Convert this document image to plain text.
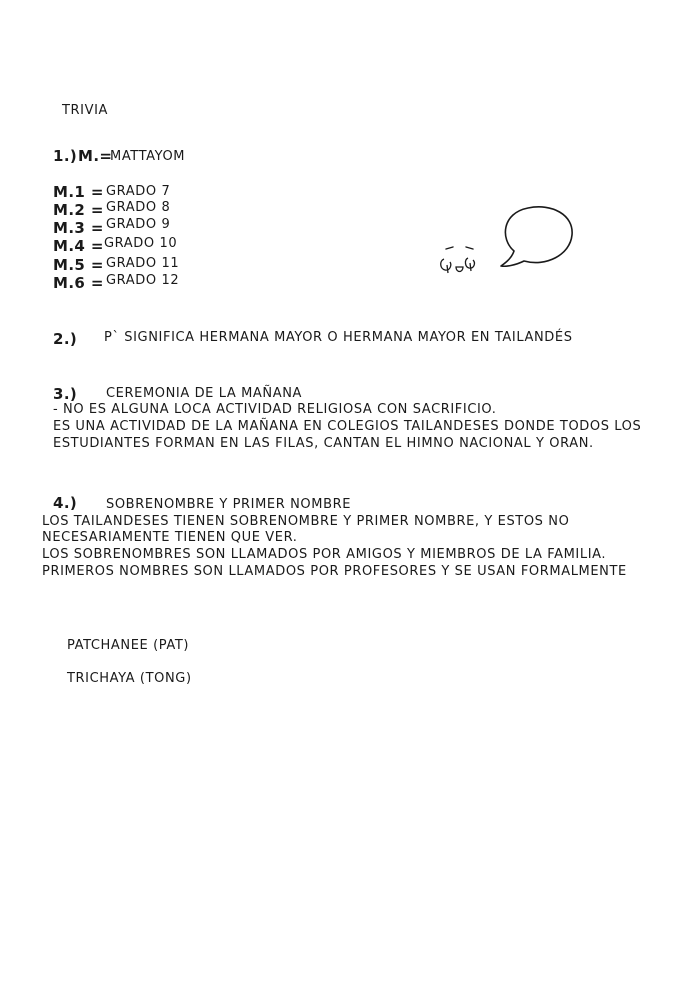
TRIVIA
1.) M.=
MATTAYOM
M.1 = GRADO 7
M.2 = GRADO 8
M.3 = GRADO 9
M.4 = GRADO 10
M.5 = GRADO 11
M.6 = GRADO 12
2.) P` SIGNIFICA HERMANA MAYOR O HERMANA MAYOR EN TAILANDÉS
3.) CEREMONIA DE LA MAÑANA
- NO ES ALGUNA LOCA ACTIVIDAD RELIGIOSA CON SACRIFICIO.
ES UNA ACTIVIDAD DE LA MAÑANA EN COLEGIOS TAILANDESES DONDE TODOS LOS
ESTUDIANTES FORMAN EN LAS FILAS, CANTAN EL HIMNO NACIONAL Y ORAN.
4.) SOBRENOMBRE Y PRIMER NOMBRE
LOS TAILANDESES TIENEN SOBRENOMBRE Y PRIMER NOMBRE, Y ESTOS NO
NECESARIAMENTE TIENEN QUE VER.
LOS SOBRENOMBRES SON LLAMADOS POR AMIGOS Y MIEMBROS DE LA FAMILIA.
PRIMEROS NOMBRES SON LLAMADOS POR PROFESORES Y SE USAN FORMALMENTE
PATCHANEE (PAT)
TRICHAYA (TONG)
